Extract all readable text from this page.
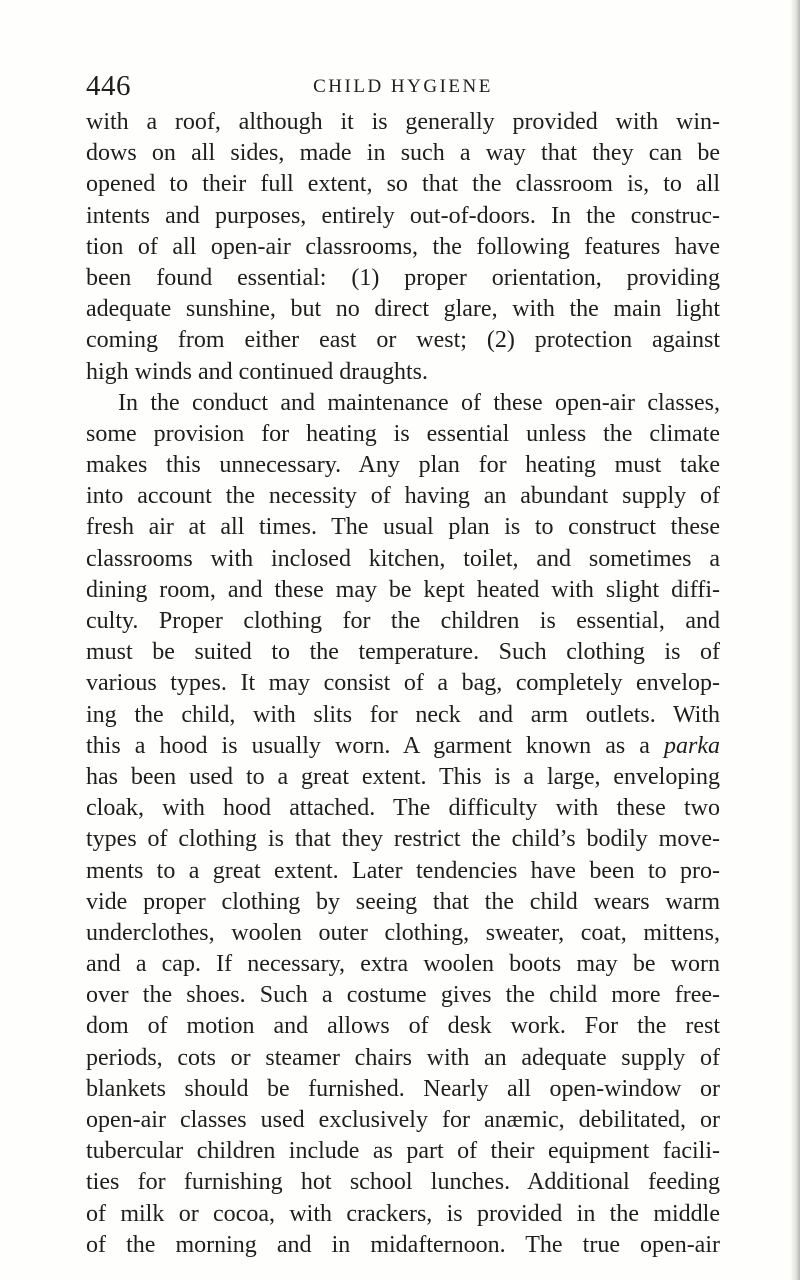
446	CHILD HYGIENE
with a roof, although it is generally provided with win-
dows on all sides, made in such a way that they can be
opened to their full extent, so that the classroom is, to all
intents and purposes, entirely out-of-doors. In the construc-
tion of all open-air classrooms, the following features have
been found essential: (1) proper orientation, providing
adequate sunshine, but no direct glare, with the main light
coming from either east or west; (2) protection against
high winds and continued draughts.
In the conduct and maintenance of these open-air classes,
some provision for heating is essential unless the climate
makes this unnecessary. Any plan for heating must take
into account the necessity of having an abundant supply of
fresh air at all times. The usual plan is to construct these
classrooms with inclosed kitchen, toilet, and sometimes a
dining room, and these may be kept heated with slight diffi-
culty. Proper clothing for the children is essential, and
must be suited to the temperature. Such clothing is of
various types. It may consist of a bag, completely envelop-
ing the child, with slits for neck and arm outlets. With
this a hood is usually worn. A garment known as a parka
has been used to a great extent. This is a large, enveloping
cloak, with hood attached. The difficulty with these two
types of clothing is that they restrict the child’s bodily move-
ments to a great extent. Later tendencies have been to pro-
vide proper clothing by seeing that the child wears warm
underclothes, woolen outer clothing, sweater, coat, mittens,
and a cap. If necessary, extra woolen boots may be worn
over the shoes. Such a costume gives the child more free-
dom of motion and allows of desk work. For the rest
periods, cots or steamer chairs with an adequate supply of
blankets should be furnished. Nearly all open-window or
open-air classes used exclusively for anæmic, debilitated, or
tubercular children include as part of their equipment facili-
ties for furnishing hot school lunches. Additional feeding
of milk or cocoa, with crackers, is provided in the middle
of the morning and in midafternoon. The true open-air
